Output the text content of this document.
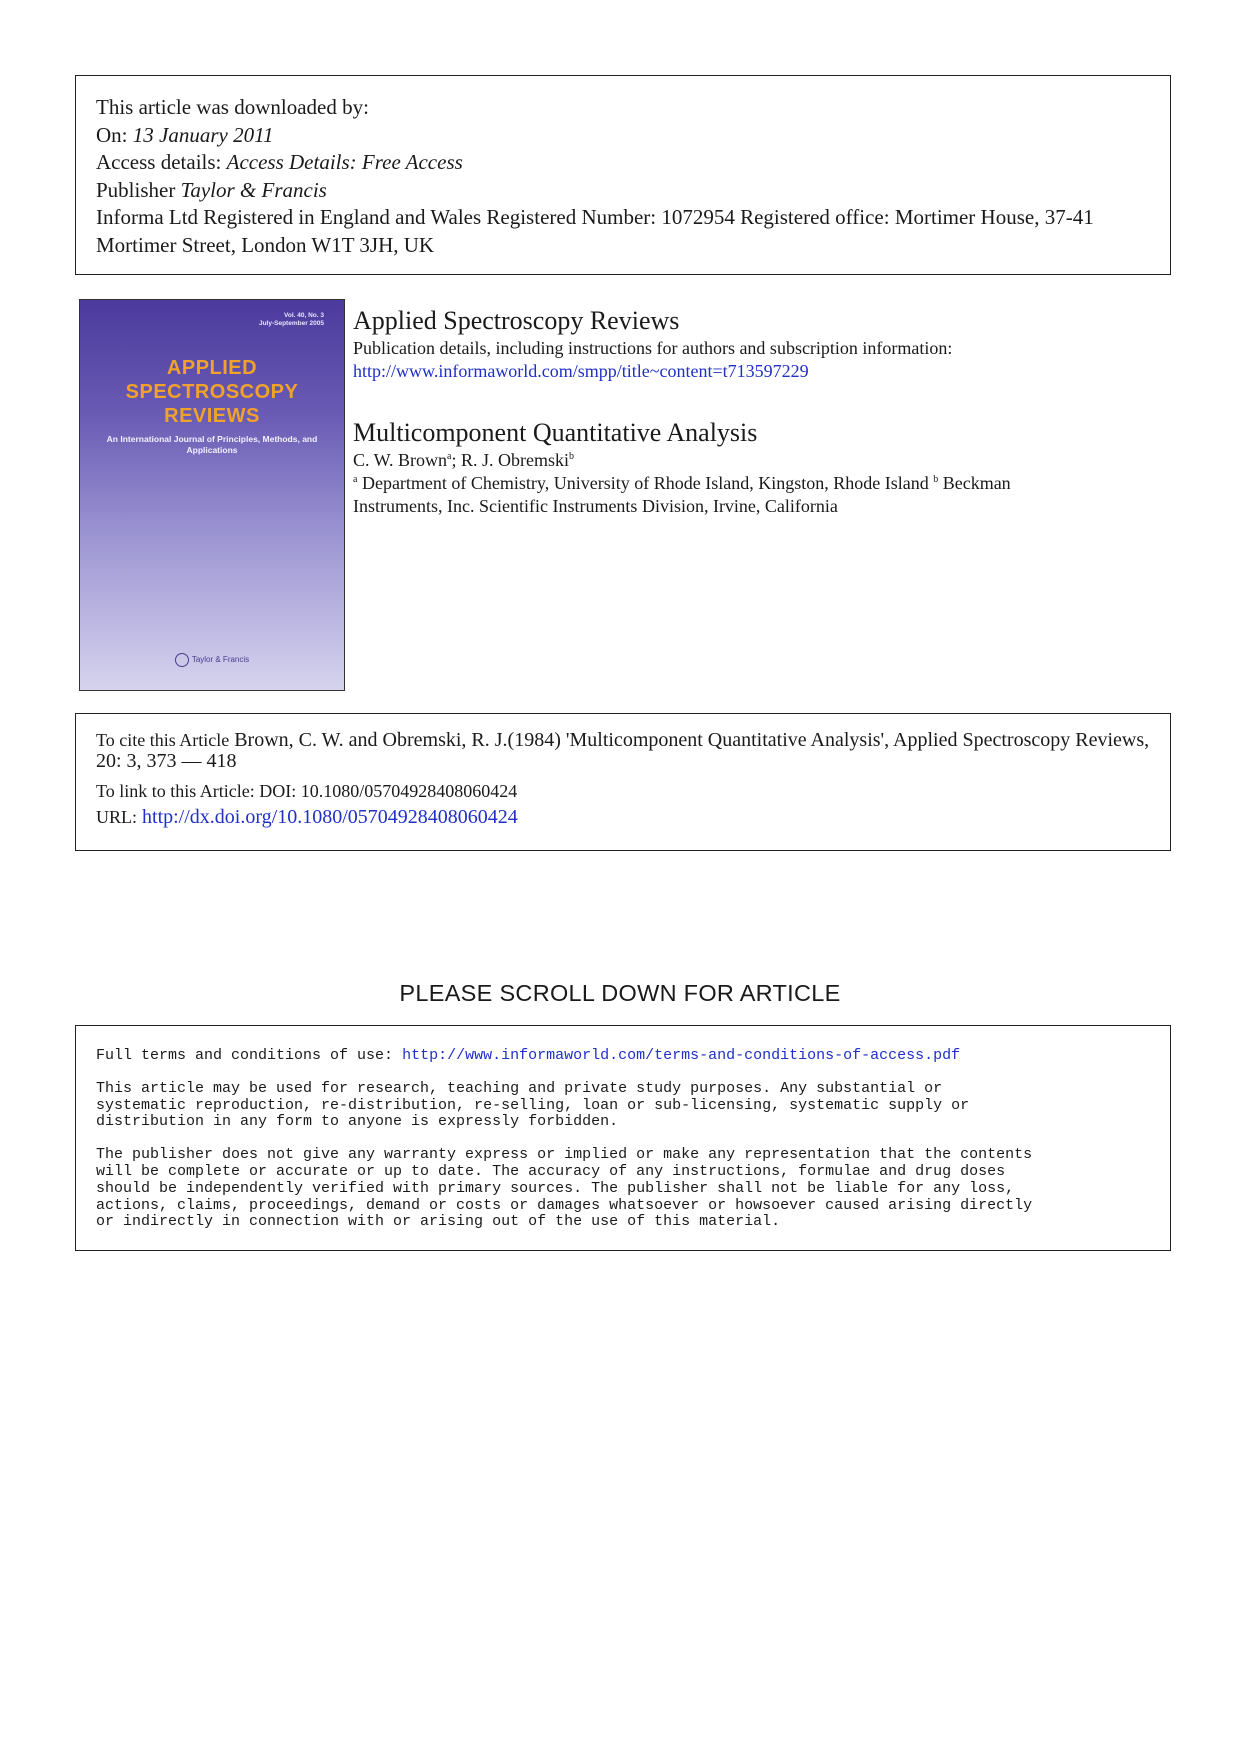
This article was downloaded by:
On: 13 January 2011
Access details: Access Details: Free Access
Publisher Taylor & Francis
Informa Ltd Registered in England and Wales Registered Number: 1072954 Registered office: Mortimer House, 37-41 Mortimer Street, London W1T 3JH, UK
Vol. 40, No. 3
July-September 2005
APPLIED
SPECTROSCOPY
REVIEWS
An International Journal of Principles, Methods, and Applications
Taylor & Francis
Applied Spectroscopy Reviews
Publication details, including instructions for authors and subscription information:
http://www.informaworld.com/smpp/title~content=t713597229
Multicomponent Quantitative Analysis
C. W. Brown$^a$; R. J. Obremski$^b$
$^a$ Department of Chemistry, University of Rhode Island, Kingston, Rhode Island $^b$ Beckman
Instruments, Inc. Scientific Instruments Division, Irvine, California
To cite this Article Brown, C. W. and Obremski, R. J.(1984) 'Multicomponent Quantitative Analysis', Applied Spectroscopy Reviews, 20: 3, 373 — 418
To link to this Article: DOI: 10.1080/05704928408060424
URL: http://dx.doi.org/10.1080/05704928408060424
PLEASE SCROLL DOWN FOR ARTICLE

Full terms and conditions of use: http://www.informaworld.com/terms-and-conditions-of-access.pdf

This article may be used for research, teaching and private study purposes. Any substantial or
systematic reproduction, re-distribution, re-selling, loan or sub-licensing, systematic supply or
distribution in any form to anyone is expressly forbidden.

The publisher does not give any warranty express or implied or make any representation that the contents
will be complete or accurate or up to date. The accuracy of any instructions, formulae and drug doses
should be independently verified with primary sources. The publisher shall not be liable for any loss,
actions, claims, proceedings, demand or costs or damages whatsoever or howsoever caused arising directly
or indirectly in connection with or arising out of the use of this material.
